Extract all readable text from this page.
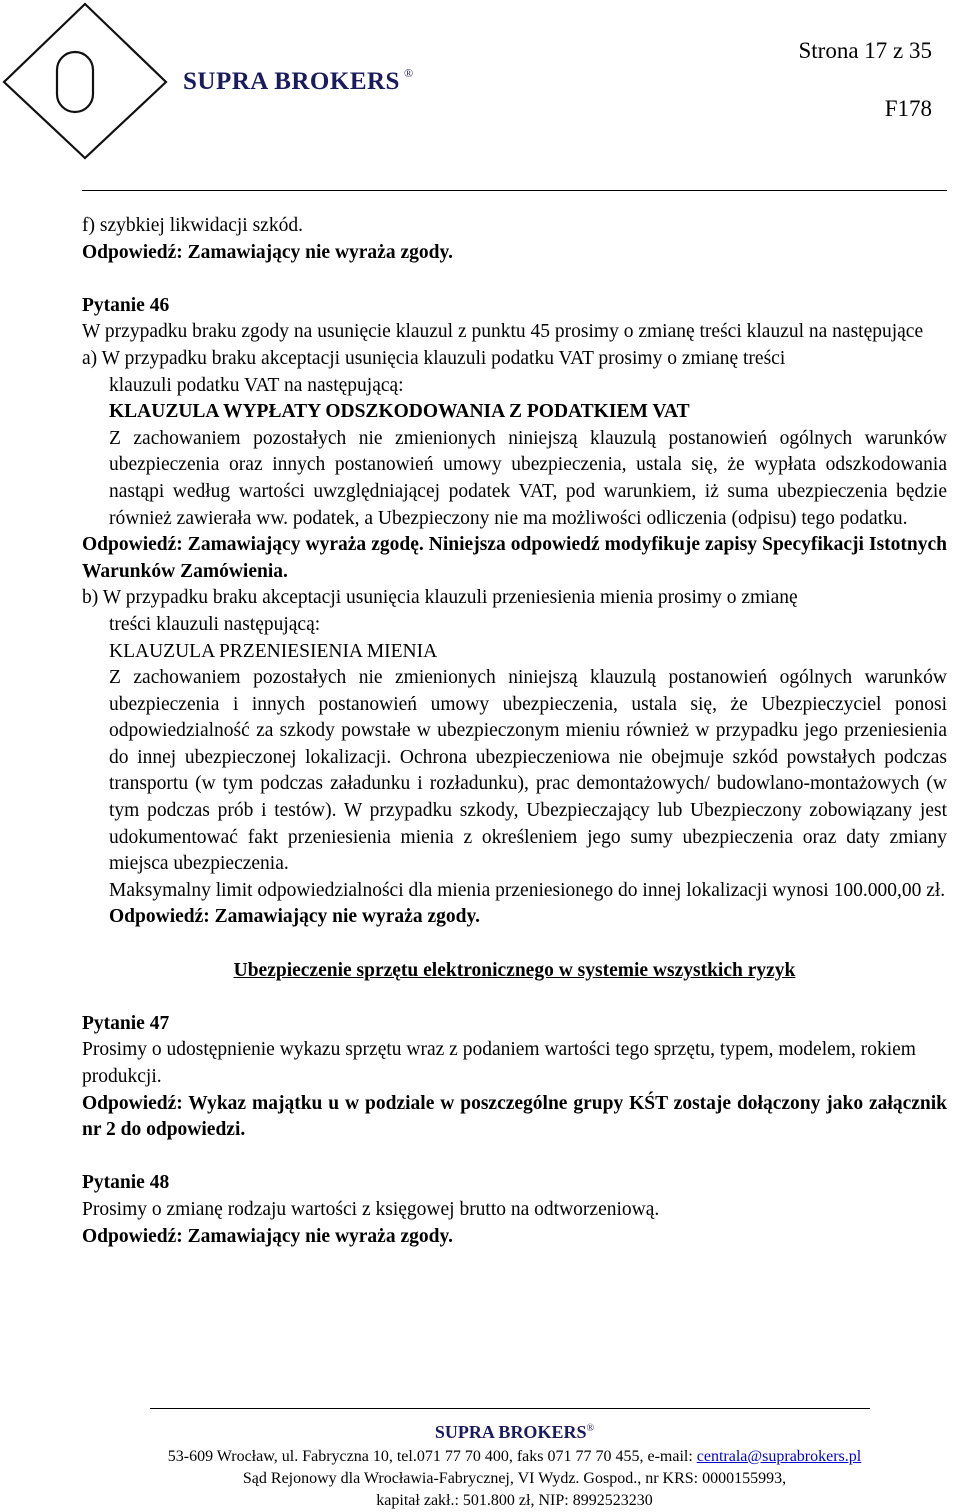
SUPRA BROKERS ®
Strona 17 z 35
F178

f) szybkiej likwidacji szkód.

Odpowiedź: Zamawiający nie wyraża zgody.

Pytanie 46

W przypadku braku zgody na usunięcie klauzul z punktu 45 prosimy o zmianę treści klauzul na następujące

a) W przypadku braku akceptacji usunięcia klauzuli podatku VAT prosimy o zmianę treści

klauzuli podatku VAT na następującą:

KLAUZULA WYPŁATY ODSZKODOWANIA Z PODATKIEM VAT

Z zachowaniem pozostałych nie zmienionych niniejszą klauzulą postanowień ogólnych warunków ubezpieczenia oraz innych postanowień umowy ubezpieczenia, ustala się, że wypłata odszkodowania nastąpi według wartości uwzględniającej podatek VAT, pod warunkiem, iż suma ubezpieczenia będzie również zawierała ww. podatek, a Ubezpieczony nie ma możliwości odliczenia (odpisu) tego podatku.

Odpowiedź: Zamawiający wyraża zgodę. Niniejsza odpowiedź modyfikuje zapisy Specyfikacji Istotnych Warunków Zamówienia.

b) W przypadku braku akceptacji usunięcia klauzuli przeniesienia mienia prosimy o zmianę

treści klauzuli następującą:

KLAUZULA PRZENIESIENIA MIENIA

Z zachowaniem pozostałych nie zmienionych niniejszą klauzulą postanowień ogólnych warunków ubezpieczenia i innych postanowień umowy ubezpieczenia, ustala się, że Ubezpieczyciel ponosi odpowiedzialność za szkody powstałe w ubezpieczonym mieniu również w przypadku jego przeniesienia do innej ubezpieczonej lokalizacji. Ochrona ubezpieczeniowa nie obejmuje szkód powstałych podczas transportu (w tym podczas załadunku i rozładunku), prac demontażowych/ budowlano-montażowych (w tym podczas prób i testów). W przypadku szkody, Ubezpieczający lub Ubezpieczony zobowiązany jest udokumentować fakt przeniesienia mienia z określeniem jego sumy ubezpieczenia oraz daty zmiany miejsca ubezpieczenia.

Maksymalny limit odpowiedzialności dla mienia przeniesionego do innej lokalizacji wynosi 100.000,00 zł.

Odpowiedź: Zamawiający nie wyraża zgody.

Ubezpieczenie sprzętu elektronicznego w systemie wszystkich ryzyk

Pytanie 47

Prosimy o udostępnienie wykazu sprzętu wraz z podaniem wartości tego sprzętu, typem, modelem, rokiem produkcji.

Odpowiedź: Wykaz majątku u w podziale w poszczególne grupy KŚT zostaje dołączony jako załącznik nr 2 do odpowiedzi.

Pytanie 48

Prosimy o zmianę rodzaju wartości z księgowej brutto na odtworzeniową.

Odpowiedź: Zamawiający nie wyraża zgody.

SUPRA BROKERS®
53-609 Wrocław, ul. Fabryczna 10, tel.071 77 70 400, faks 071 77 70 455, e-mail: centrala@suprabrokers.pl
Sąd Rejonowy dla Wrocławia-Fabrycznej, VI Wydz. Gospod., nr KRS: 0000155993,
kapitał zakł.: 501.800 zł, NIP: 8992523230
